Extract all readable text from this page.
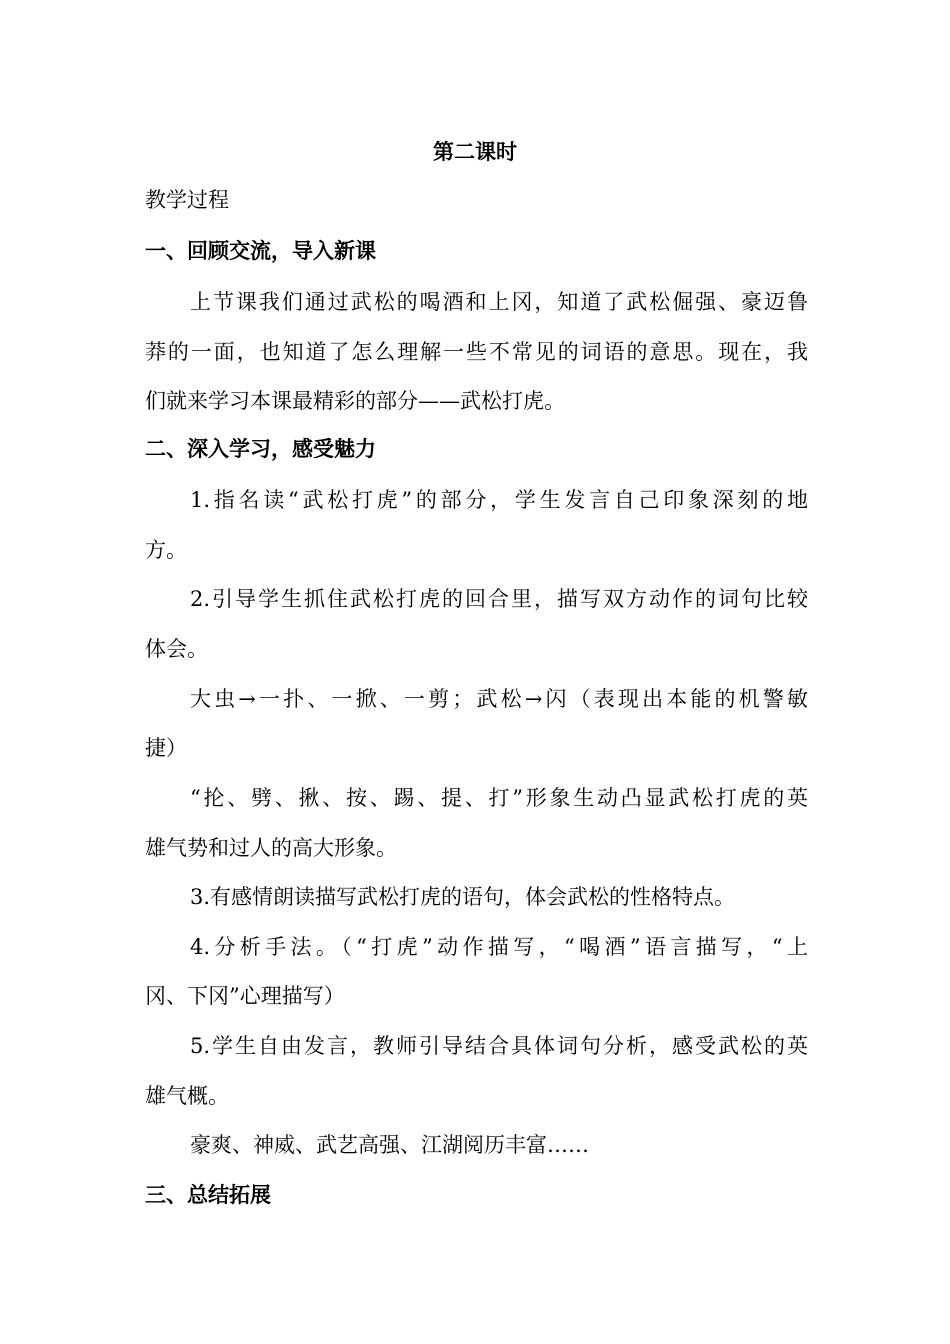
第二课时
教学过程
一、回顾交流，导入新课
上节课我们通过武松的喝酒和上冈，知道了武松倔强、豪迈鲁
莽的一面，也知道了怎么理解一些不常见的词语的意思。现在，我
们就来学习本课最精彩的部分——武松打虎。
二、深入学习，感受魅力
1.指名读“武松打虎”的部分，学生发言自己印象深刻的地
方。
2.引导学生抓住武松打虎的回合里，描写双方动作的词句比较
体会。
大虫→一扑、一掀、一剪；武松→闪（表现出本能的机警敏
捷）
“抡、劈、揪、按、踢、提、打”形象生动凸显武松打虎的英
雄气势和过人的高大形象。
3.有感情朗读描写武松打虎的语句，体会武松的性格特点。
4.分析手法。（“打虎”动作描写，“喝酒”语言描写，“上
冈、下冈”心理描写）
5.学生自由发言，教师引导结合具体词句分析，感受武松的英
雄气概。
豪爽、神威、武艺高强、江湖阅历丰富……
三、总结拓展
